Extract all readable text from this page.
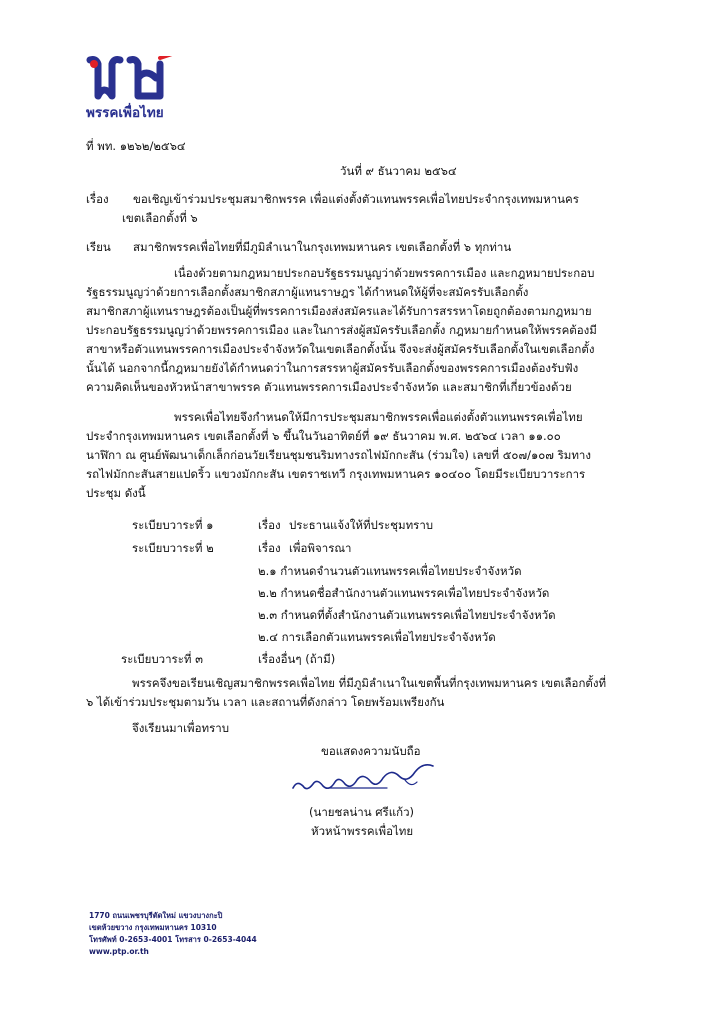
พรรคเพื่อไทย
ที่ พท. ๑๒๖๒/๒๕๖๔
วันที่ ๙ ธันวาคม ๒๕๖๔
เรื่อง ขอเชิญเข้าร่วมประชุมสมาชิกพรรค เพื่อแต่งตั้งตัวแทนพรรคเพื่อไทยประจำกรุงเทพมหานคร
เขตเลือกตั้งที่ ๖
เรียน สมาชิกพรรคเพื่อไทยที่มีภูมิลำเนาในกรุงเทพมหานคร เขตเลือกตั้งที่ ๖ ทุกท่าน
เนื่องด้วยตามกฎหมายประกอบรัฐธรรมนูญว่าด้วยพรรคการเมือง และกฎหมายประกอบ
รัฐธรรมนูญว่าด้วยการเลือกตั้งสมาชิกสภาผู้แทนราษฎร ได้กำหนดให้ผู้ที่จะสมัครรับเลือกตั้ง
สมาชิกสภาผู้แทนราษฎรต้องเป็นผู้ที่พรรคการเมืองส่งสมัครและได้รับการสรรหาโดยถูกต้องตามกฎหมาย
ประกอบรัฐธรรมนูญว่าด้วยพรรคการเมือง และในการส่งผู้สมัครรับเลือกตั้ง กฎหมายกำหนดให้พรรคต้องมี
สาขาหรือตัวแทนพรรคการเมืองประจำจังหวัดในเขตเลือกตั้งนั้น จึงจะส่งผู้สมัครรับเลือกตั้งในเขตเลือกตั้ง
นั้นได้ นอกจากนี้กฎหมายยังได้กำหนดว่าในการสรรหาผู้สมัครรับเลือกตั้งของพรรคการเมืองต้องรับฟัง
ความคิดเห็นของหัวหน้าสาขาพรรค ตัวแทนพรรคการเมืองประจำจังหวัด และสมาชิกที่เกี่ยวข้องด้วย
พรรคเพื่อไทยจึงกำหนดให้มีการประชุมสมาชิกพรรคเพื่อแต่งตั้งตัวแทนพรรคเพื่อไทย
ประจำกรุงเทพมหานคร เขตเลือกตั้งที่ ๖ ขึ้นในวันอาทิตย์ที่ ๑๙ ธันวาคม พ.ศ. ๒๕๖๔ เวลา ๑๑.๐๐
นาฬิกา ณ ศูนย์พัฒนาเด็กเล็กก่อนวัยเรียนชุมชนริมทางรถไฟมักกะสัน (ร่วมใจ) เลขที่ ๕๐๗/๑๐๗ ริมทาง
รถไฟมักกะสันสายแปดริ้ว แขวงมักกะสัน เขตราชเทวี กรุงเทพมหานคร ๑๐๔๐๐ โดยมีระเบียบวาระการ
ประชุม ดังนี้
ระเบียบวาระที่ ๑	เรื่อง ประธานแจ้งให้ที่ประชุมทราบ
ระเบียบวาระที่ ๒	เรื่อง เพื่อพิจารณา
๒.๑ กำหนดจำนวนตัวแทนพรรคเพื่อไทยประจำจังหวัด
๒.๒ กำหนดชื่อสำนักงานตัวแทนพรรคเพื่อไทยประจำจังหวัด
๒.๓ กำหนดที่ตั้งสำนักงานตัวแทนพรรคเพื่อไทยประจำจังหวัด
๒.๔ การเลือกตัวแทนพรรคเพื่อไทยประจำจังหวัด
ระเบียบวาระที่ ๓	เรื่องอื่นๆ (ถ้ามี)
พรรคจึงขอเรียนเชิญสมาชิกพรรคเพื่อไทย ที่มีภูมิลำเนาในเขตพื้นที่กรุงเทพมหานคร เขตเลือกตั้งที่
๖ ได้เข้าร่วมประชุมตามวัน เวลา และสถานที่ดังกล่าว โดยพร้อมเพรียงกัน
จึงเรียนมาเพื่อทราบ
ขอแสดงความนับถือ
(นายชลน่าน ศรีแก้ว)
หัวหน้าพรรคเพื่อไทย
1770 ถนนเพชรบุรีตัดใหม่ แขวงบางกะปิ
เขตห้วยขวาง กรุงเทพมหานคร 10310
โทรศัพท์ 0-2653-4001 โทรสาร 0-2653-4044
www.ptp.or.th
